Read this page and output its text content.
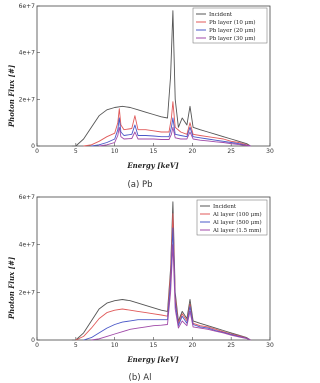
Photon Flux [#]
Energy [keV]
(a) Pb
0	5	10	15	20	25	30
0
2e+7
4e+7
6e+7
Incident
Pb layer (10 μm)
Pb layer (20 μm)
Pb layer (30 μm)
Photon Flux [#]
Energy [keV]
(b) Al
0	5	10	15	20	25	30
0
2e+7
4e+7
6e+7
Incident
Al layer (100 μm)
Al layer (500 μm)
Al layer (1.5 mm)
